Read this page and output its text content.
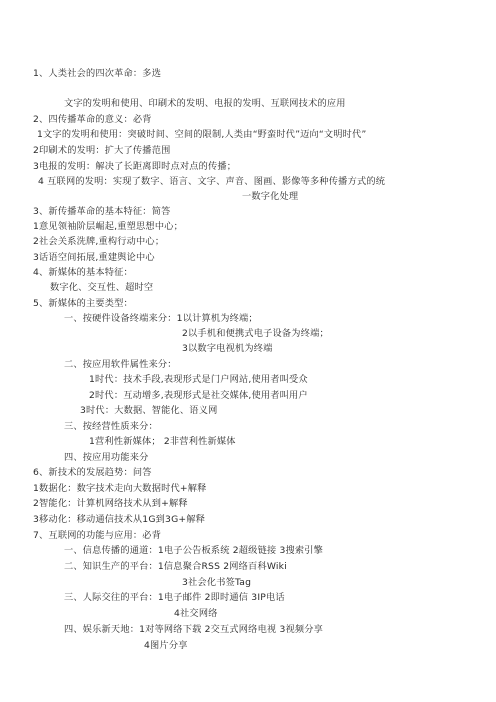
1、人类社会的四次革命：多选
文字的发明和使用、印刷术的发明、电报的发明、互联网技术的应用
2、四传播革命的意义：必背
1文字的发明和使用：突破时间、空间的限制,人类由“野蛮时代”迈向“文明时代”
2印刷术的发明：扩大了传播范围
3电报的发明：解决了长距离即时点对点的传播；
4 互联网的发明：实现了数字、语言、文字、声音、图画、影像等多种传播方式的统
一数字化处理
3、新传播革命的基本特征：简答
1意见领袖阶层崛起,重塑思想中心；
2社会关系洗牌,重构行动中心；
3话语空间拓展,重建舆论中心
4、新媒体的基本特征：
数字化、交互性、超时空
5、新媒体的主要类型：
一、按硬件设备终端来分：1以计算机为终端；
2以手机和便携式电子设备为终端；
3以数字电视机为终端
二、按应用软件属性来分：
1时代：技术手段,表现形式是门户网站,使用者叫受众
2时代：互动增多,表现形式是社交媒体,使用者叫用户
3时代：大数据、智能化、语义网
三、按经营性质来分：
1营利性新媒体； 2非营利性新媒体
四、按应用功能来分
6、新技术的发展趋势：问答
1数据化：数字技术走向大数据时代+解释
2智能化：计算机网络技术从到+解释
3移动化：移动通信技术从1G到3G+解释
7、互联网的功能与应用：必背
一、信息传播的通道：1电子公告板系统 2超级链接 3搜索引擎
二、知识生产的平台：1信息聚合RSS 2网络百科Wiki
3社会化书签Tag
三、人际交往的平台：1电子邮件 2即时通信 3IP电话
4社交网络
四、娱乐新天地：1对等网络下载 2交互式网络电视 3视频分享
4图片分享
